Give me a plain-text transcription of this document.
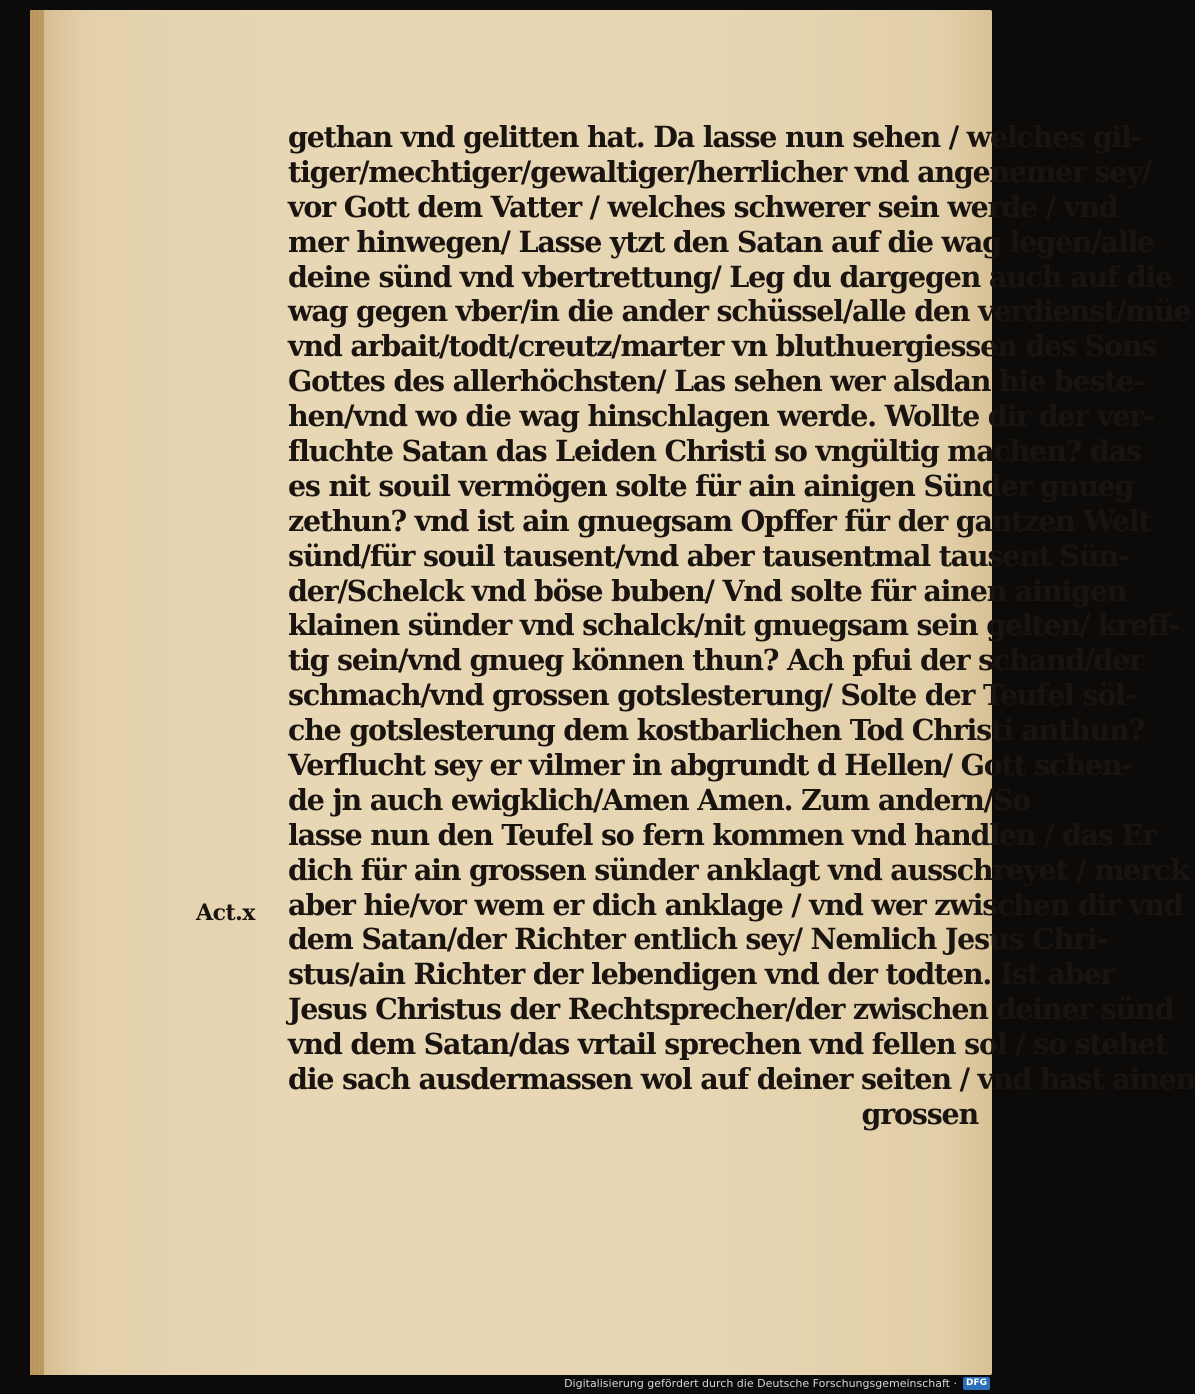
gethan vnd gelitten hat. Da lasse nun sehen / welches gil-
tiger/mechtiger/gewaltiger/herrlicher vnd angenemer sey/
vor Gott dem Vatter / welches schwerer sein werde / vnd
mer hinwegen/ Lasse ytzt den Satan auf die wag legen/alle
deine sünd vnd vbertrettung/ Leg du dargegen auch auf die
wag gegen vber/in die ander schüssel/alle den verdienst/müe
vnd arbait/todt/creutz/marter vn bluthuergiessen des Sons
Gottes des allerhöchsten/ Las sehen wer alsdan hie beste-
hen/vnd wo die wag hinschlagen werde. Wollte dir der ver-
fluchte Satan das Leiden Christi so vngültig machen? das
es nit souil vermögen solte für ain ainigen Sünder gnueg
zethun? vnd ist ain gnuegsam Opffer für der gantzen Welt
sünd/für souil tausent/vnd aber tausentmal tausent Sün-
der/Schelck vnd böse buben/ Vnd solte für ainen ainigen
klainen sünder vnd schalck/nit gnuegsam sein gelten/ kreff-
tig sein/vnd gnueg können thun? Ach pfui der schand/der
schmach/vnd grossen gotslesterung/ Solte der Teufel söl-
che gotslesterung dem kostbarlichen Tod Christi anthun?
Verflucht sey er vilmer in abgrundt d Hellen/ Gott schen-
de jn auch ewigklich/Amen Amen. Zum andern/So
lasse nun den Teufel so fern kommen vnd handlen / das Er
dich für ain grossen sünder anklagt vnd ausschreyet / merck
aber hie/vor wem er dich anklage / vnd wer zwischen dir vnd
dem Satan/der Richter entlich sey/ Nemlich Jesus Chri-
stus/ain Richter der lebendigen vnd der todten. Ist aber
Jesus Christus der Rechtsprecher/der zwischen deiner sünd
vnd dem Satan/das vrtail sprechen vnd fellen sol / so stehet
die sach ausdermassen wol auf deiner seiten / vnd hast ainen
grossen
Act.x
Digitalisierung gefördert durch die Deutsche Forschungsgemeinschaft ·	DFG
